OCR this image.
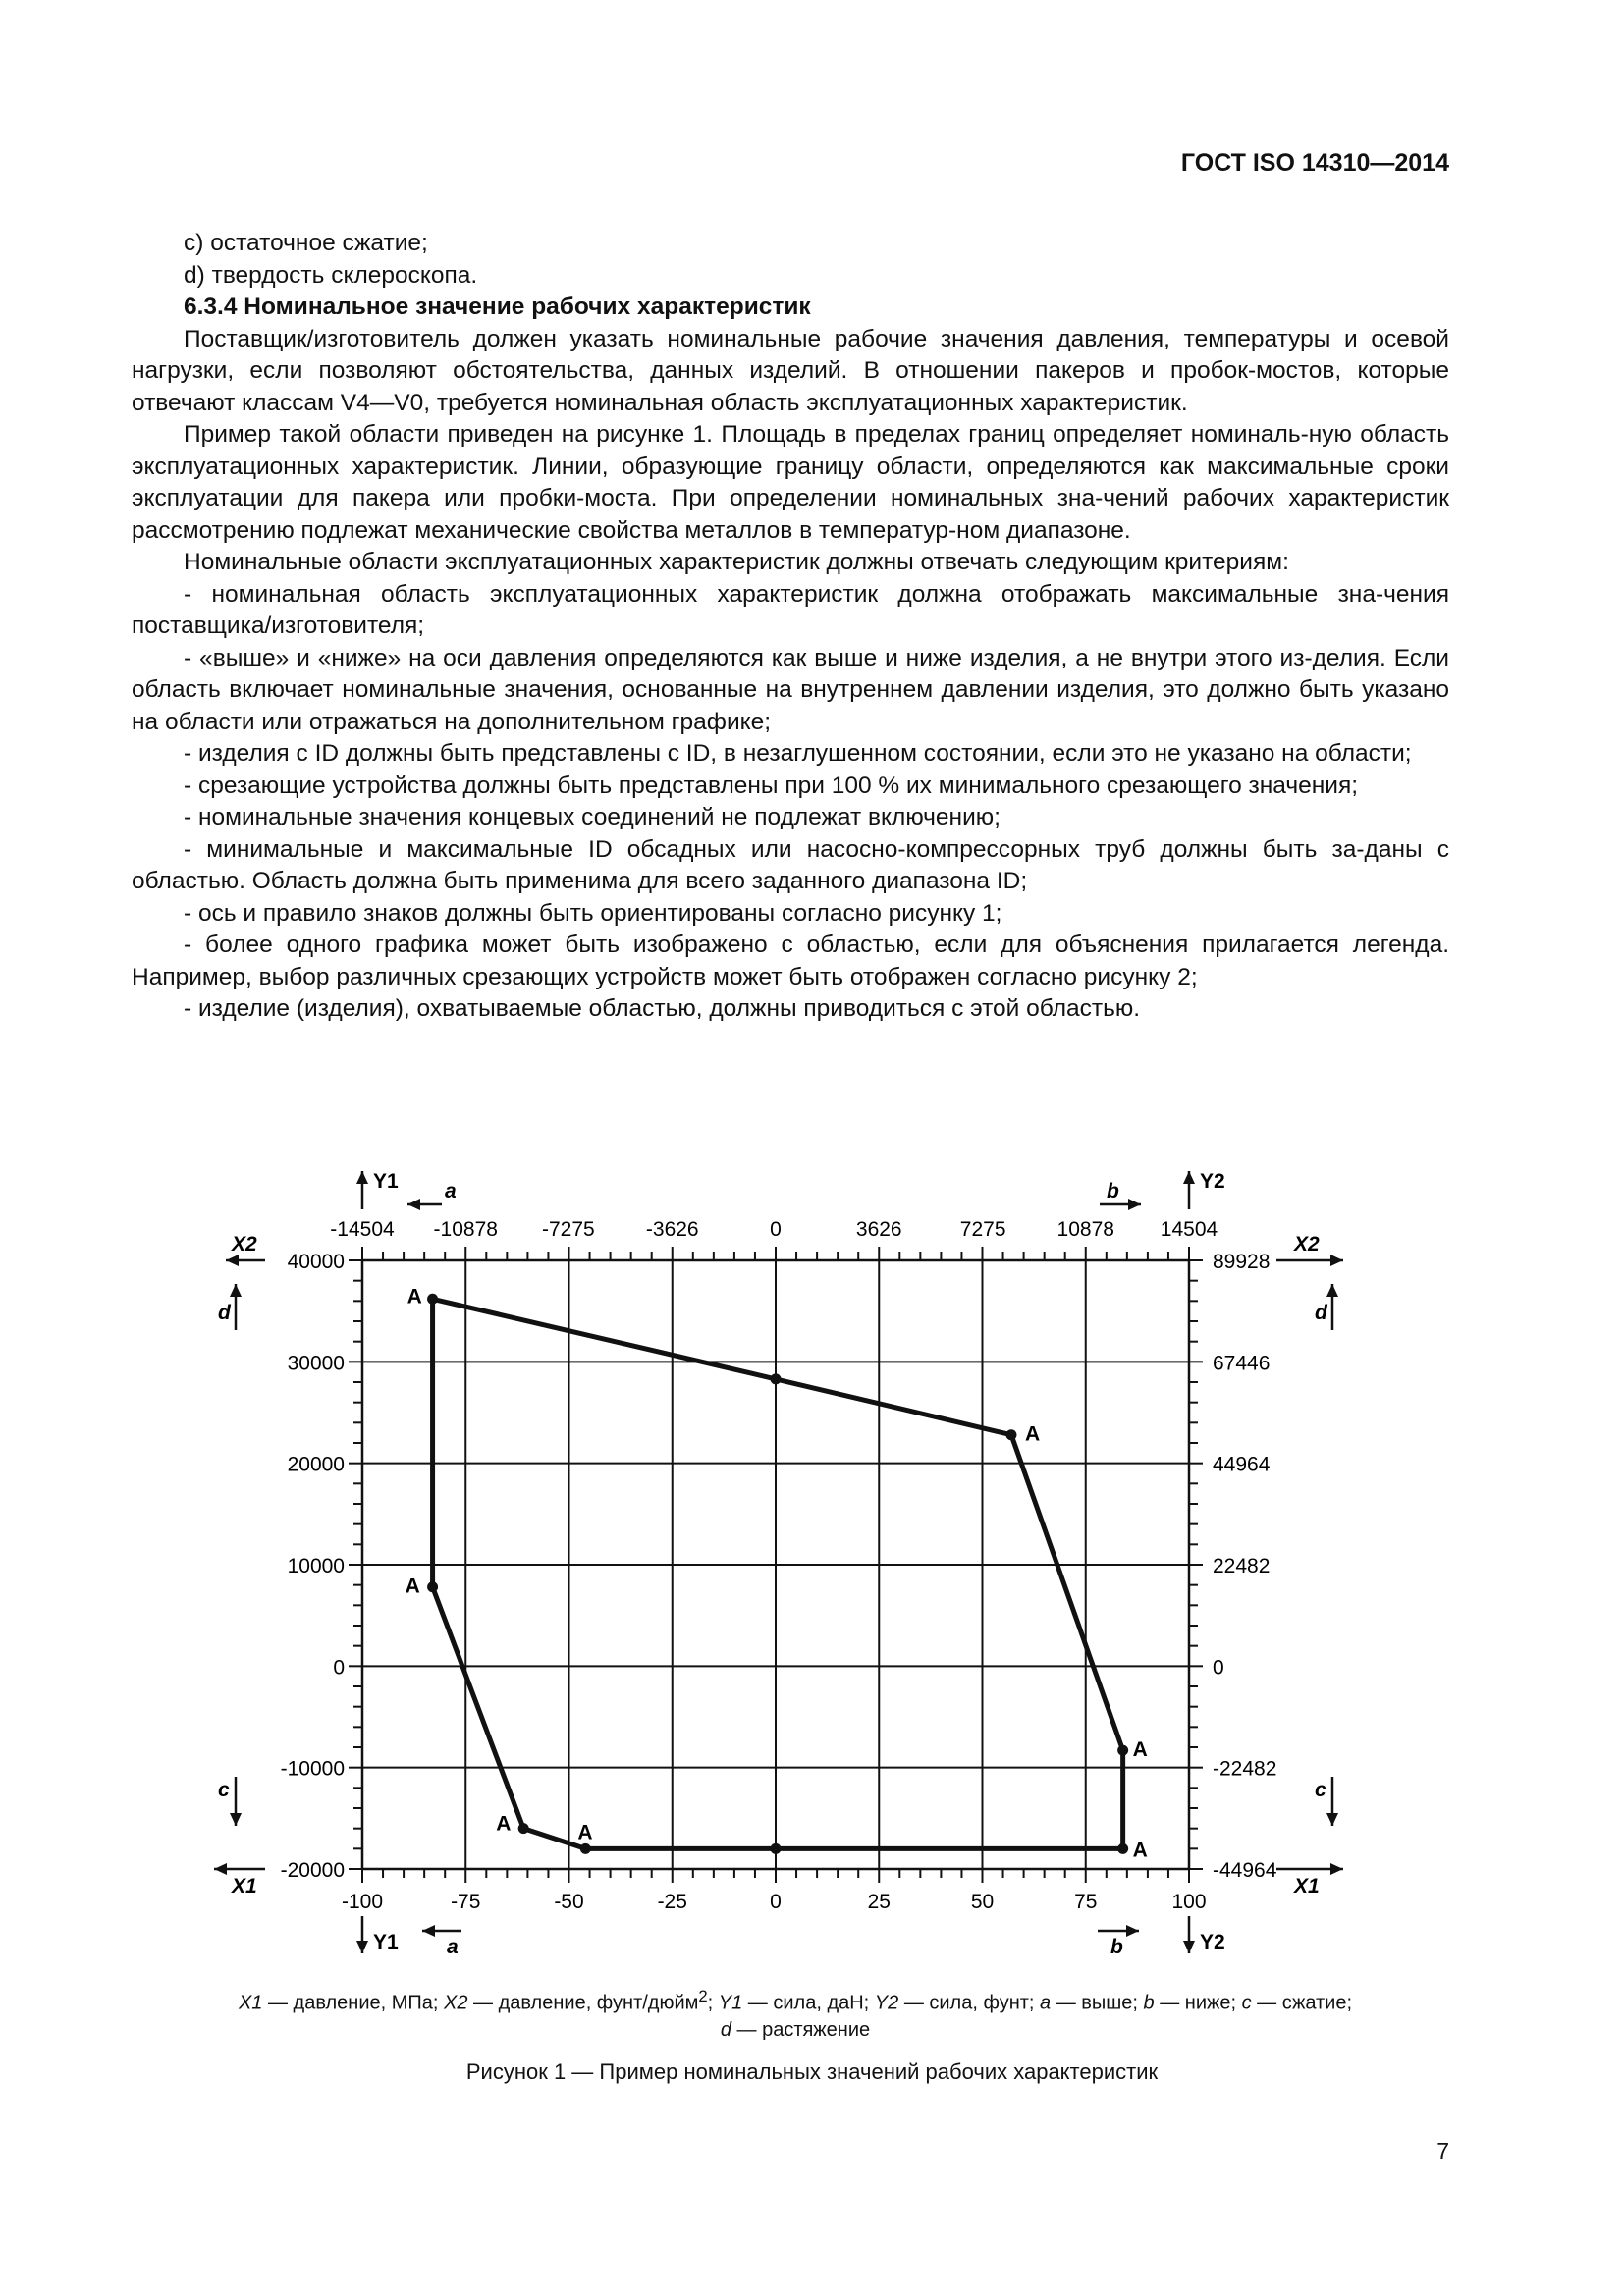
ГОСТ ISO 14310—2014

c) остаточное сжатие;

d) твердость склероскопа.

6.3.4 Номинальное значение рабочих характеристик

Поставщик/изготовитель должен указать номинальные рабочие значения давления, температуры и осевой нагрузки, если позволяют обстоятельства, данных изделий. В отношении пакеров и пробок-мостов, которые отвечают классам V4—V0, требуется номинальная область эксплуатационных характеристик.

Пример такой области приведен на рисунке 1. Площадь в пределах границ определяет номиналь-ную область эксплуатационных характеристик. Линии, образующие границу области, определяются как максимальные сроки эксплуатации для пакера или пробки-моста. При определении номинальных зна-чений рабочих характеристик рассмотрению подлежат механические свойства металлов в температур-ном диапазоне.

Номинальные области эксплуатационных характеристик должны отвечать следующим критериям:

- номинальная область эксплуатационных характеристик должна отображать максимальные зна-чения поставщика/изготовителя;

- «выше» и «ниже» на оси давления определяются как выше и ниже изделия, а не внутри этого из-делия. Если область включает номинальные значения, основанные на внутреннем давлении изделия, это должно быть указано на области или отражаться на дополнительном графике;

- изделия с ID должны быть представлены с ID, в незаглушенном состоянии, если это не указано на области;

- срезающие устройства должны быть представлены при 100 % их минимального срезающего значения;

- номинальные значения концевых соединений не подлежат включению;

- минимальные и максимальные ID обсадных или насосно-компрессорных труб должны быть за-даны с областью. Область должна быть применима для всего заданного диапазона ID;

- ось и правило знаков должны быть ориентированы согласно рисунку 1;

- более одного графика может быть изображено с областью, если для объяснения прилагается легенда. Например, выбор различных срезающих устройств может быть отображен согласно рисунку 2;

- изделие (изделия), охватываемые областью, должны приводиться с этой областью.

-100	-75	-50	-25	0	25	50	75	100
-14504 -10878 -7275 -3626	0	3626	7275 10878 14504
40000
30000
20000
10000
0
-10000
-20000
89928
67446
44964
22482
0
-22482
-44964
Y1
Y1
Y2
Y2
a	b
a	b
X2	X2
X1	X1
d	d
c	c
A
A
A
A
A
A
A
X1 — давление, МПа; X2 — давление, фунт/дюйм$^2$; Y1 — сила, даН; Y2 — сила, фунт; a — выше; b — ниже; c — сжатие;
d — растяжение
Рисунок 1 — Пример номинальных значений рабочих характеристик
7
